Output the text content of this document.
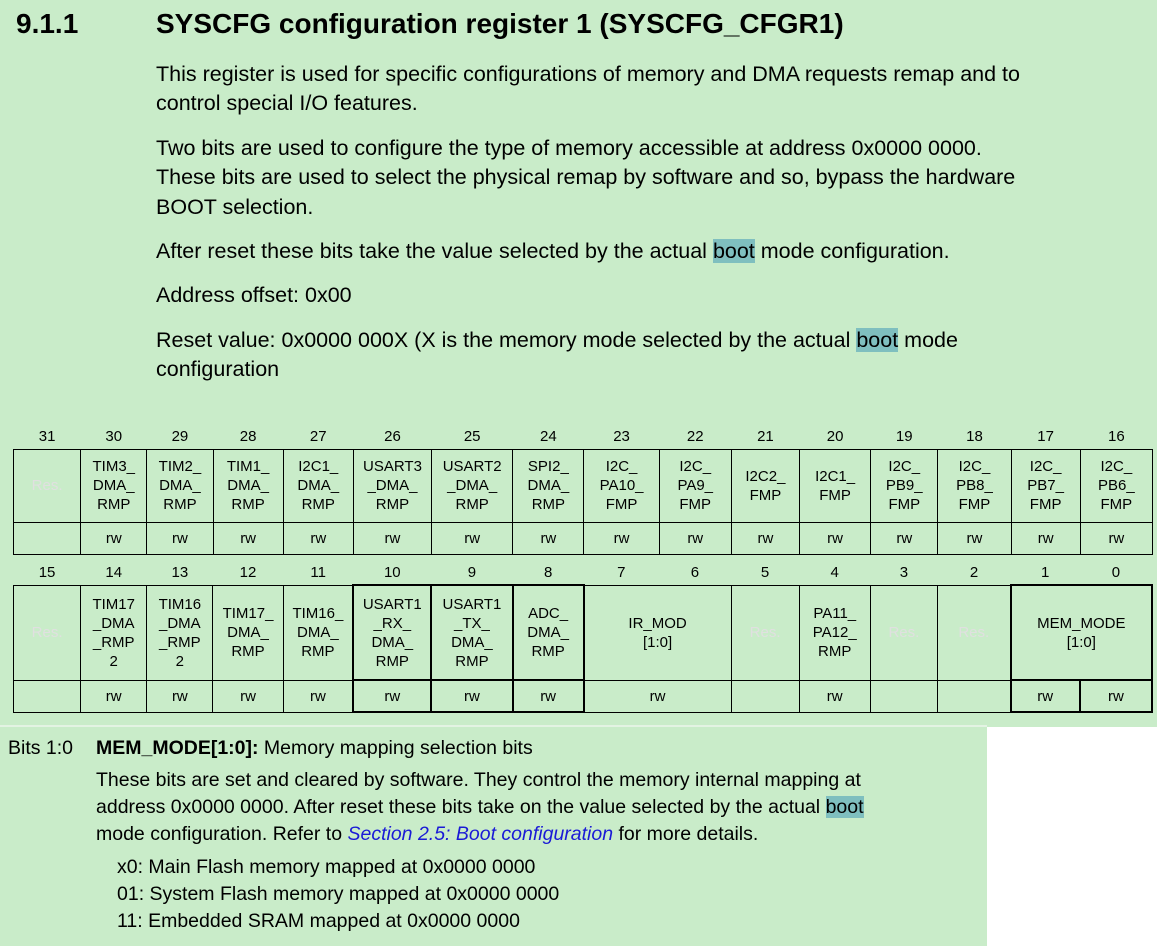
9.1.1	SYSCFG configuration register 1 (SYSCFG_CFGR1)

This register is used for specific configurations of memory and DMA requests remap and to

control special I/O features.

Two bits are used to configure the type of memory accessible at address 0x0000 0000.

These bits are used to select the physical remap by software and so, bypass the hardware

BOOT selection.

After reset these bits take the value selected by the actual boot mode configuration.

Address offset: 0x00

Reset value: 0x0000 000X (X is the memory mode selected by the actual boot mode

configuration

31	30	29	28	27	26	25	24	23	22	21	20	19	18	17	16
Res.	TIM3_
DMA_
RMP	TIM2_
DMA_
RMP	TIM1_
DMA_
RMP	I2C1_
DMA_
RMP	USART3
_DMA_
RMP	USART2
_DMA_
RMP	SPI2_
DMA_
RMP	I2C_
PA10_
FMP	I2C_
PA9_
FMP	I2C2_
FMP	I2C1_
FMP	I2C_
PB9_
FMP	I2C_
PB8_
FMP	I2C_
PB7_
FMP	I2C_
PB6_
FMP
	rw	rw	rw	rw	rw	rw	rw	rw	rw	rw	rw	rw	rw	rw	rw
15	14	13	12	11	10	9	8	7	6	5	4	3	2	1	0
Res.	TIM17
_DMA
_RMP
2	TIM16
_DMA
_RMP
2	TIM17_
DMA_
RMP	TIM16_
DMA_
RMP	USART1
_RX_
DMA_
RMP	USART1
_TX_
DMA_
RMP	ADC_
DMA_
RMP	IR_MOD
[1:0]		Res.	PA11_
PA12_
RMP	Res.	Res.	MEM_MODE
[1:0]	
	rw	rw	rw	rw	rw	rw	rw	rw			rw			rw	rw
Bits 1:0 MEM_MODE[1:0]: Memory mapping selection bits
These bits are set and cleared by software. They control the memory internal mapping at
address 0x0000 0000. After reset these bits take on the value selected by the actual boot
mode configuration. Refer to Section 2.5: Boot configuration for more details.
x0: Main Flash memory mapped at 0x0000 0000
01: System Flash memory mapped at 0x0000 0000
11: Embedded SRAM mapped at 0x0000 0000
